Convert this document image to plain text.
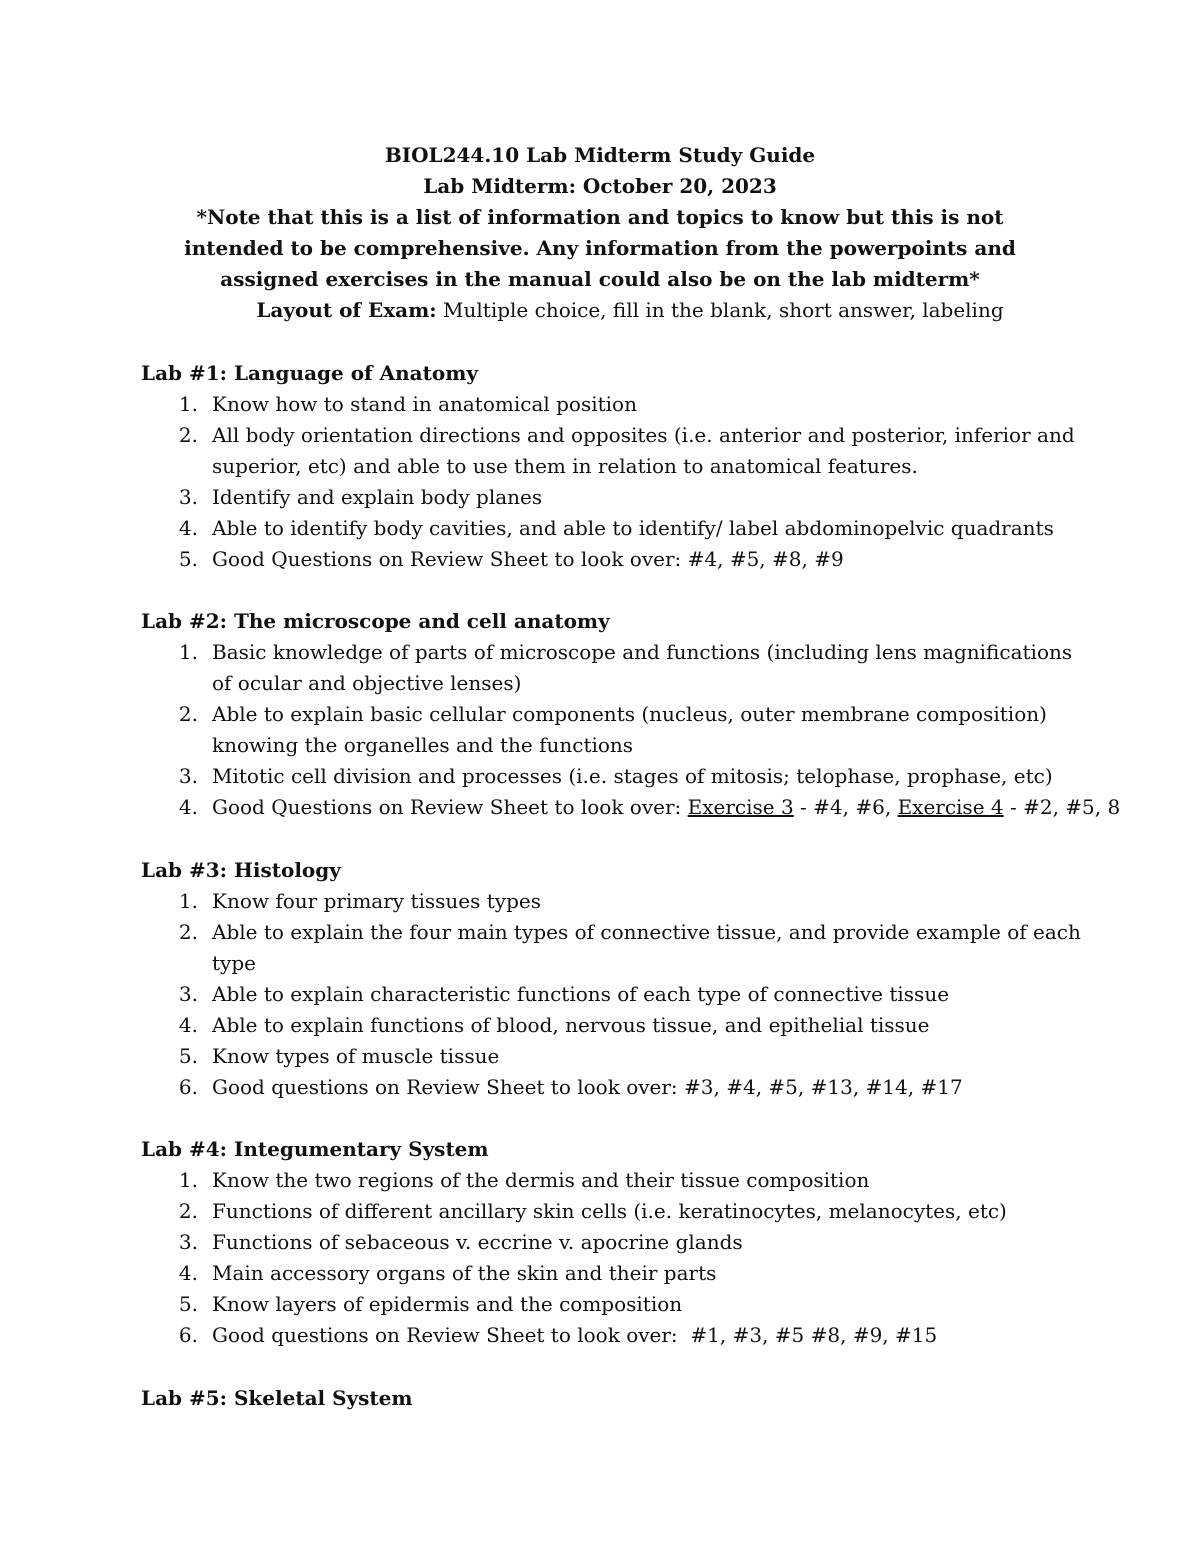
BIOL244.10 Lab Midterm Study Guide
Lab Midterm: October 20, 2023
*Note that this is a list of information and topics to know but this is not intended to be comprehensive. Any information from the powerpoints and assigned exercises in the manual could also be on the lab midterm*
Layout of Exam: Multiple choice, fill in the blank, short answer, labeling
Lab #1: Language of Anatomy
1. Know how to stand in anatomical position
2. All body orientation directions and opposites (i.e. anterior and posterior, inferior and superior, etc) and able to use them in relation to anatomical features.
3. Identify and explain body planes
4. Able to identify body cavities, and able to identify/ label abdominopelvic quadrants
5. Good Questions on Review Sheet to look over: #4, #5, #8, #9
Lab #2: The microscope and cell anatomy
1. Basic knowledge of parts of microscope and functions (including lens magnifications of ocular and objective lenses)
2. Able to explain basic cellular components (nucleus, outer membrane composition) knowing the organelles and the functions
3. Mitotic cell division and processes (i.e. stages of mitosis; telophase, prophase, etc)
4. Good Questions on Review Sheet to look over: Exercise 3 - #4, #6, Exercise 4 - #2, #5, 8
Lab #3: Histology
1. Know four primary tissues types
2. Able to explain the four main types of connective tissue, and provide example of each type
3. Able to explain characteristic functions of each type of connective tissue
4. Able to explain functions of blood, nervous tissue, and epithelial tissue
5. Know types of muscle tissue
6. Good questions on Review Sheet to look over: #3, #4, #5, #13, #14, #17
Lab #4: Integumentary System
1. Know the two regions of the dermis and their tissue composition
2. Functions of different ancillary skin cells (i.e. keratinocytes, melanocytes, etc)
3. Functions of sebaceous v. eccrine v. apocrine glands
4. Main accessory organs of the skin and their parts
5. Know layers of epidermis and the composition
6. Good questions on Review Sheet to look over:  #1, #3, #5 #8, #9, #15
Lab #5: Skeletal System
